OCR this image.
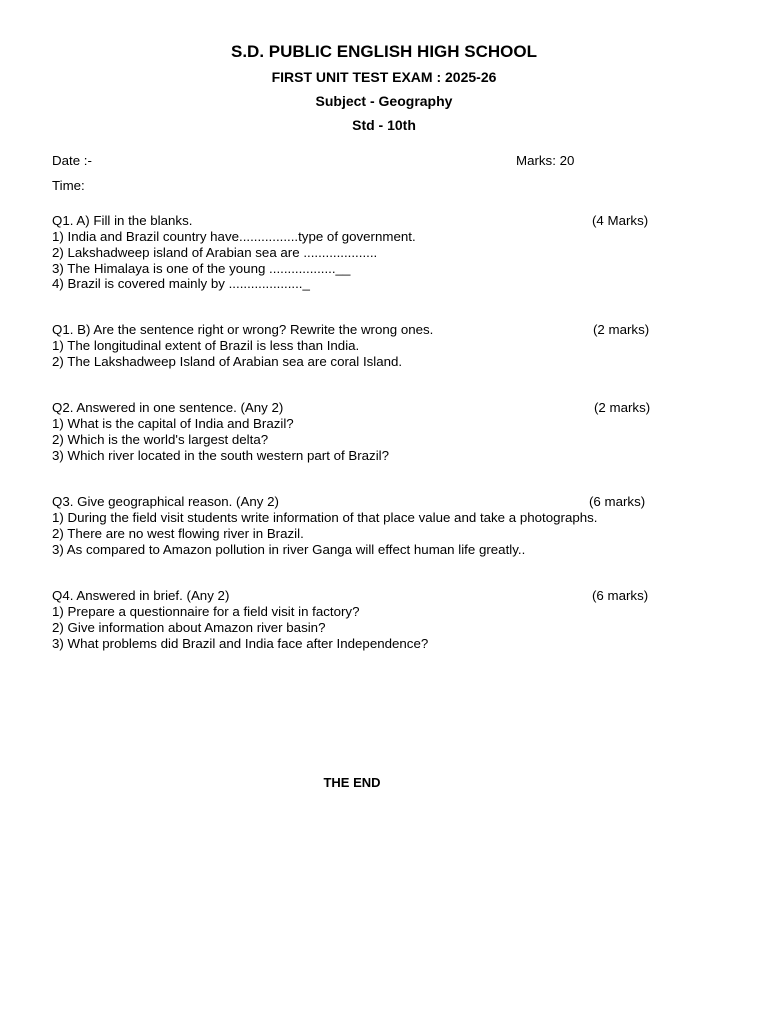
S.D. PUBLIC ENGLISH HIGH SCHOOL
FIRST UNIT TEST EXAM : 2025-26
Subject - Geography
Std - 10th
Date :-	Marks: 20
Time:
Q1. A) Fill in the blanks.	(4 Marks)
1) India and Brazil country have................type of government.
2) Lakshadweep island of Arabian sea are ....................
3) The Himalaya is one of the young ..................__
4) Brazil is covered mainly by ...................._
Q1. B) Are the sentence right or wrong? Rewrite the wrong ones.	(2 marks)
1) The longitudinal extent of Brazil is less than India.
2) The Lakshadweep Island of Arabian sea are coral Island.
Q2. Answered in one sentence. (Any 2)	(2 marks)
1) What is the capital of India and Brazil?
2) Which is the world's largest delta?
3) Which river located in the south western part of Brazil?
Q3. Give geographical reason. (Any 2)	(6 marks)
1) During the field visit students write information of that place value and take a photographs.
2) There are no west flowing river in Brazil.
3) As compared to Amazon pollution in river Ganga will effect human life greatly..
Q4. Answered in brief. (Any 2)	(6 marks)
1) Prepare a questionnaire for a field visit in factory?
2) Give information about Amazon river basin?
3) What problems did Brazil and India face after Independence?
THE END
